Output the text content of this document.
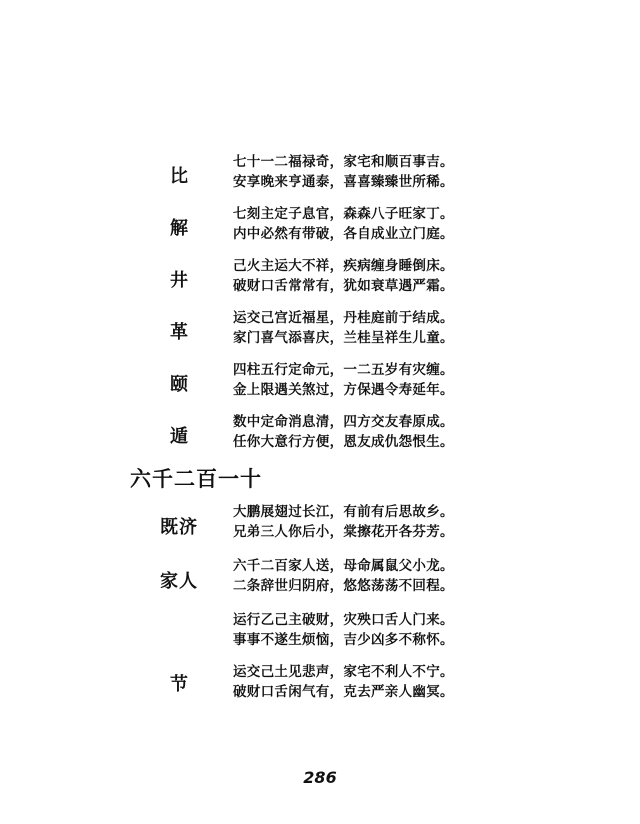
比
七十一二福禄奇，家宅和顺百事吉。
安享晚来亨通泰，喜喜臻臻世所稀。
解
七刻主定子息官，森森八子旺家丁。
内中必然有带破，各自成业立门庭。
井
己火主运大不祥，疾病缠身睡倒床。
破财口舌常常有，犹如衰草遇严霜。
革
运交己宫近福星，丹桂庭前于结成。
家门喜气添喜庆，兰桂呈祥生儿童。
颐
四柱五行定命元，一二五岁有灾缠。
金上限遇关煞过，方保遇令寿延年。
遁
数中定命消息清，四方交友春原成。
任你大意行方便，恩友成仇怨恨生。
六千二百一十
既济
大鹏展翅过长江，有前有后思故乡。
兄弟三人你后小，棠擦花开各芬芳。
家人
六千二百家人送，母命属鼠父小龙。
二条辞世归阴府，悠悠荡荡不回程。
运行乙己主破财，灾殃口舌人门来。
事事不遂生烦恼，吉少凶多不称怀。
节
运交己土见悲声，家宅不利人不宁。
破财口舌闲气有，克去严亲人幽冥。
286
